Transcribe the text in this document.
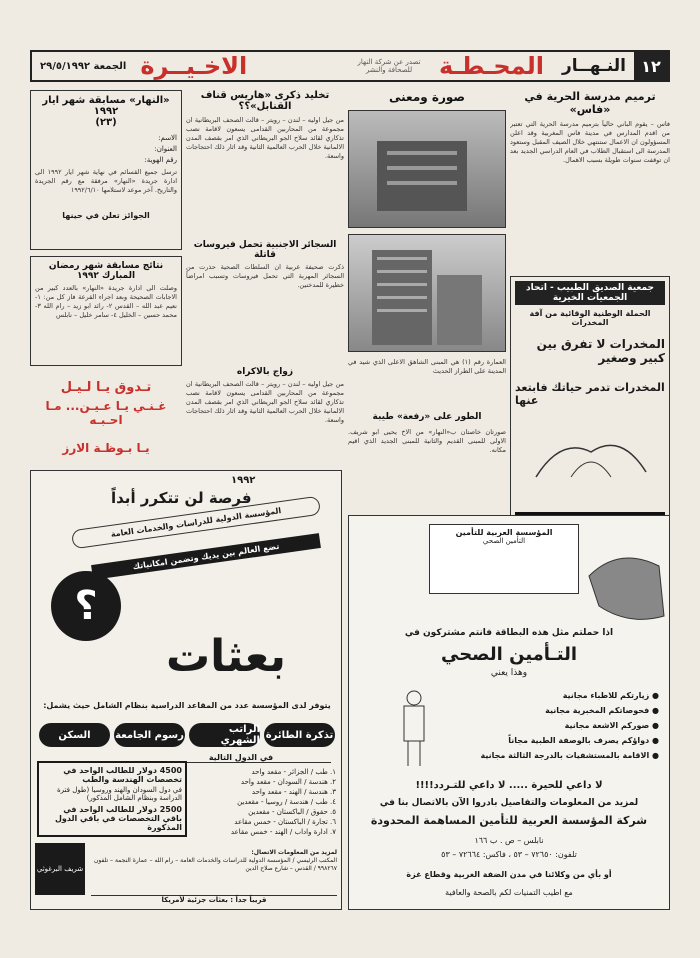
١٢
النـهــار
المحـطـة
تصدر عن شركة النهار للصحافة والنشر
الاخـيــرة
الجمعة ٢٩/٥/١٩٩٢
ترميم مدرسة الحرية في «فاس»
فاس – يقوم الباني حالياً بترميم مدرسة الحرية التي تعتبر من اقدم المدارس في مدينة فاس المغربية وقد اعلن المسؤولون ان الاعمال ستنتهي خلال الصيف المقبل وستعود المدرسة الى استقبال الطلاب في العام الدراسي الجديد بعد ان توقفت سنوات طويلة بسبب الاهمال.
جمعية الصديق الطبيب - اتحاد الجمعيات الخيرية
الحملة الوطنية الوقائية من آفة المخدرات
المخدرات لا تفرق بين كبير وصغير
المخدرات تدمر حياتك فابتعد عنها
صورة ومعنى
العمارة رقم (١) هي المبنى الشاهق الاعلى الذي شيد في المدينة على الطراز الحديث
الطور على «رفعة» طيبة
صورتان خاصتان ب«النهار» من الاخ يحيى ابو شريف. الاولى للمبنى القديم والثانية للمبنى الجديد الذي اقيم مكانه.
تخليد ذكرى «هاريس قناف القنابل»؟؟
من جيل اوليه – لندن – رويتر – قالت الصحف البريطانية ان مجموعة من المحاربين القدامى يسعون لاقامة نصب تذكاري لقائد سلاح الجو البريطاني الذي امر بقصف المدن الالمانية خلال الحرب العالمية الثانية وقد اثار ذلك احتجاجات واسعة.
السجائر الاجنبية تحمل فيروسات قاتلة
ذكرت صحيفة عربية ان السلطات الصحية حذرت من السجائر المهربة التي تحمل فيروسات وتسبب امراضاً خطيرة للمدخنين.
زواج بالاكراه
من جيل اوليه – لندن – رويتر – قالت الصحف البريطانية ان مجموعة من المحاربين القدامى يسعون لاقامة نصب تذكاري لقائد سلاح الجو البريطاني الذي امر بقصف المدن الالمانية خلال الحرب العالمية الثانية وقد اثار ذلك احتجاجات واسعة.
«النهار» مسابقة شهر ايار ١٩٩٢
(٢٣)
الاسم:
العنوان:
رقم الهوية:
ترسل جميع القسائم في نهاية شهر ايار ١٩٩٢ الى ادارة جريدة «النهار» مرفقة مع رقم الجريدة والتاريخ. آخر موعد لاستلامها ١٩٩٢/٦/١٠
الجوائز تعلن في حينها
نتائج مسابقة شهر رمضان المبارك ١٩٩٢
وصلت الى ادارة جريدة «النهار» بالعدد كبير من الاجابات الصحيحة وبعد اجراء القرعة فاز كل من: ١- نعيم عبد الله – القدس ٢- رائد ابو زيد – رام الله ٣- محمد حسين – الخليل ٤- سامر خليل – نابلس
تـدوق يـا لـيـل
غـنـي يـا عـيـن... مـا احـبـه
يـا بـوظـة الارز
١٩٩٢
فرصة لن تتكرر أبداً
المؤسسة الدولية للدراسات والخدمات العامة
تضع العالم بين يديك وتضمن امكانياتك
؟
بعثات
يتوفر لدى المؤسسة عدد من المقاعد الدراسية بنظام الشامل حيث يشمل:
تذكرة الطائرة
الراتب الشهري
رسوم الجامعة
السكن
في الدول التالية
١. طب / الجزائر - مقعد واحد
٢. هندسة / السودان - مقعد واحد
٣. هندسة / الهند - مقعد واحد
٤. طب / هندسة / روسيا - مقعدين
٥. حقوق / الباكستان - مقعدين
٦. تجارة / الباكستان - خمس مقاعد
٧. ادارة واداب / الهند - خمس مقاعد
4500 دولار للطالب الواحد في تخصصات الهندسة والطب
في دول السودان والهند وروسيا (طول فترة الدراسة وبنظام الشامل المذكور)
2500 دولار للطالب الواحد في باقي التخصصات في باقي الدول المذكورة
لمزيد من المعلومات الاتصال:
المكتب الرئيسي / المؤسسة الدولية للدراسات والخدمات العامة – رام الله – عمارة النجمة – تلفون ٩٩٨٢٦٧ / القدس – شارع صلاح الدين
شريف البرغوثي
قريباً جداً : بعثات جزئية لأمريكا
المؤسسة العربية للتأمين
التأمين الصحي
اذا حملتم مثل هذه البطاقة فانتم مشتركون في
التـأمين الصحي
وهذا يعني
● زيارتكم للاطباء مجانية
● فحوصاتكم المخبرية مجانية
● صوركم الاشعة مجانية
● دواؤكم يصرف بالوصفة الطبية مجاناً
● الاقامة بالمستشفيات بالدرجة الثالثة مجانية
لا داعي للحيرة ..... لا داعي للتـردد!!!!
لمزيد من المعلومات والتفاصيل بادروا الآن بالاتصال بنا في
شركة المؤسسة العربية للتأمين المساهمة المحدودة
نابلس – ص . ب ١٦٦
تلفون: ٧٢٦٥٠ – ٥٣ ، فاكس: ٧٢٦٦٤ – ٥٣
أو بأي من وكلائنا في مدن الضفة الغربية وقطاع غزة
مع اطيب التمنيات لكم بالصحة والعافية
